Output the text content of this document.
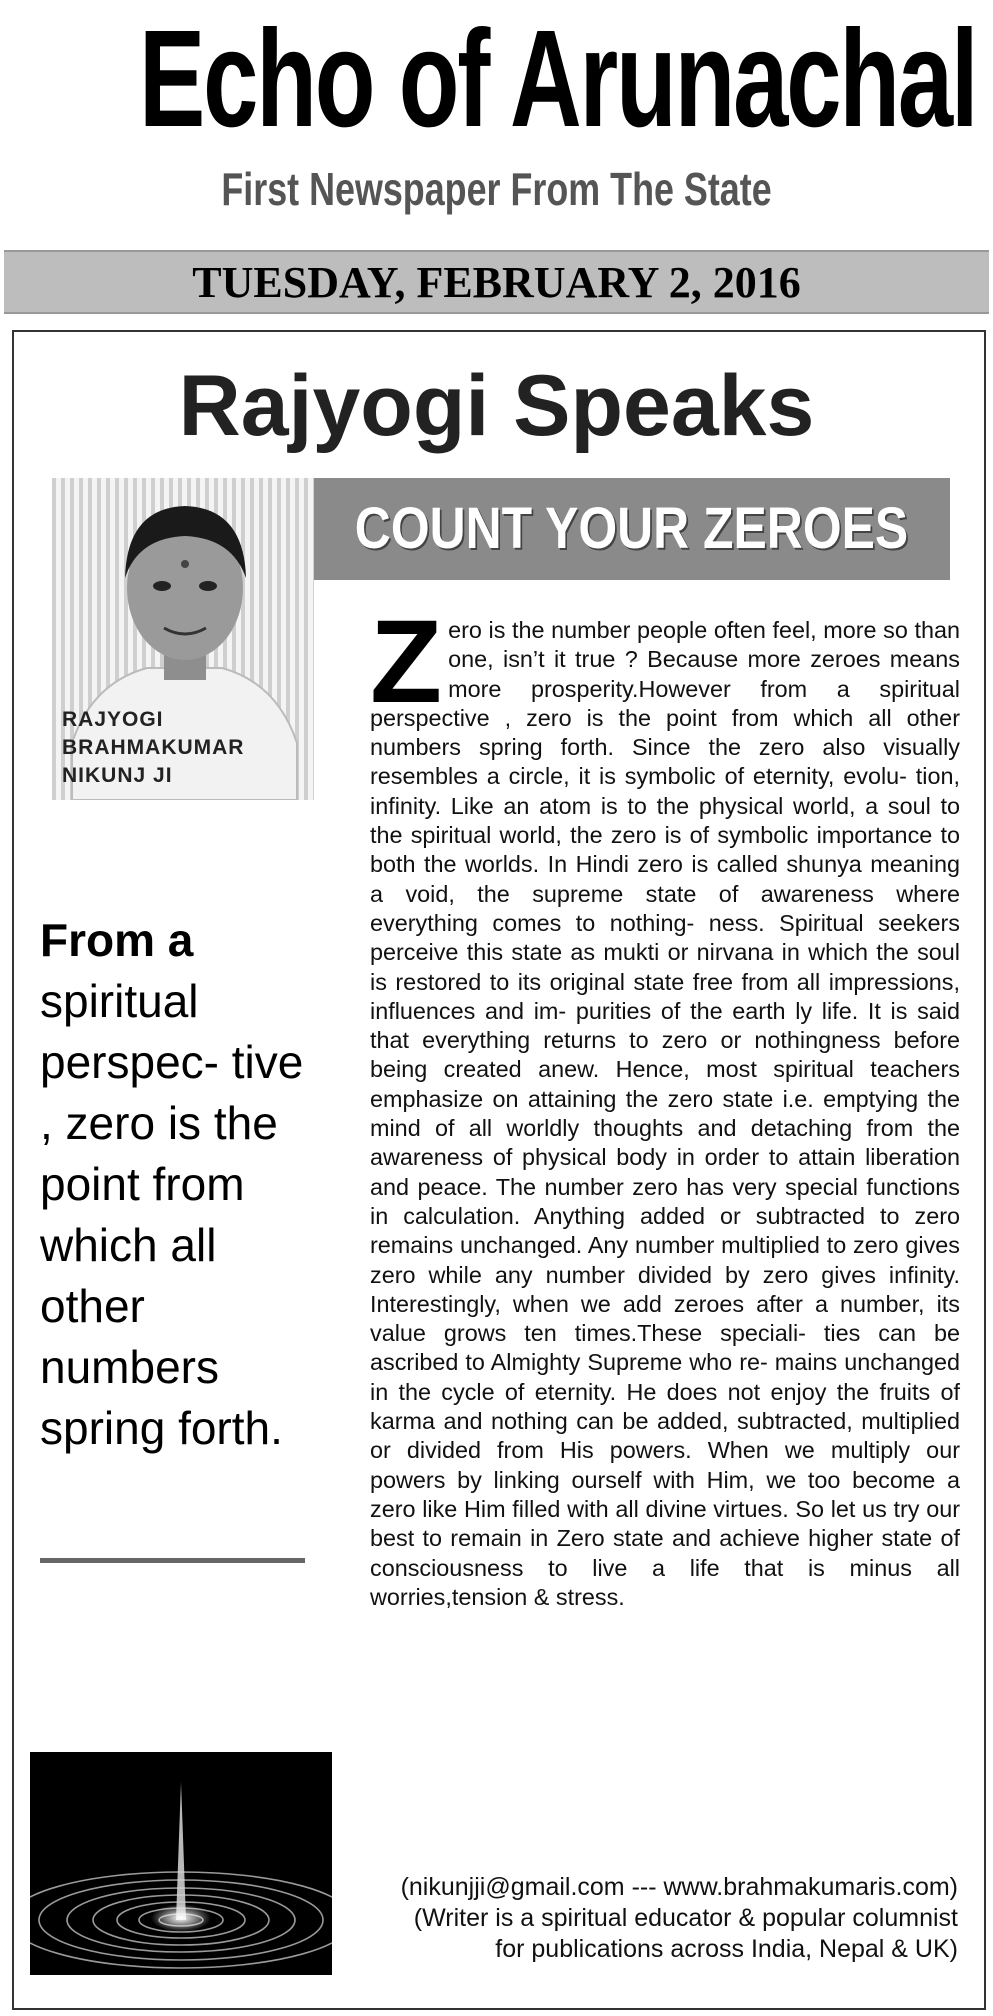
Echo of Arunachal
First Newspaper From The State
TUESDAY, FEBRUARY 2, 2016
Rajyogi Speaks
COUNT YOUR ZEROES
RAJYOGI
BRAHMAKUMAR
NIKUNJ JI
From a spiritual perspec- tive , zero is the point from which all other numbers spring forth.
Z ero is the number people often feel, more so than one, isn’t it true ? Because more zeroes means more prosperity.However from a spiritual perspective , zero is the point from which all other numbers spring forth. Since the zero also visually resembles a circle, it is symbolic of eternity, evolu- tion, infinity. Like an atom is to the physical world, a soul to the spiritual world, the zero is of symbolic importance to both the worlds. In Hindi zero is called shunya meaning a void, the supreme state of awareness where everything comes to nothing- ness. Spiritual seekers perceive this state as mukti or nirvana in which the soul is restored to its original state free from all impressions, influences and im- purities of the earth ly life. It is said that everything returns to zero or nothingness before being created anew. Hence, most spiritual teachers emphasize on attaining the zero state i.e. emptying the mind of all worldly thoughts and detaching from the awareness of physical body in order to attain liberation and peace. The number zero has very special functions in calculation. Anything added or subtracted to zero remains unchanged. Any number multiplied to zero gives zero while any number divided by zero gives infinity. Interestingly, when we add zeroes after a number, its value grows ten times.These speciali- ties can be ascribed to Almighty Supreme who re- mains unchanged in the cycle of eternity. He does not enjoy the fruits of karma and nothing can be added, subtracted, multiplied or divided from His powers. When we multiply our powers by linking ourself with Him, we too become a zero like Him filled with all divine virtues. So let us try our best to remain in Zero state and achieve higher state of consciousness to live a life that is minus all worries,tension & stress.
(nikunjji@gmail.com --- www.brahmakumaris.com)
(Writer is a spiritual educator & popular columnist
for publications across India, Nepal & UK)
